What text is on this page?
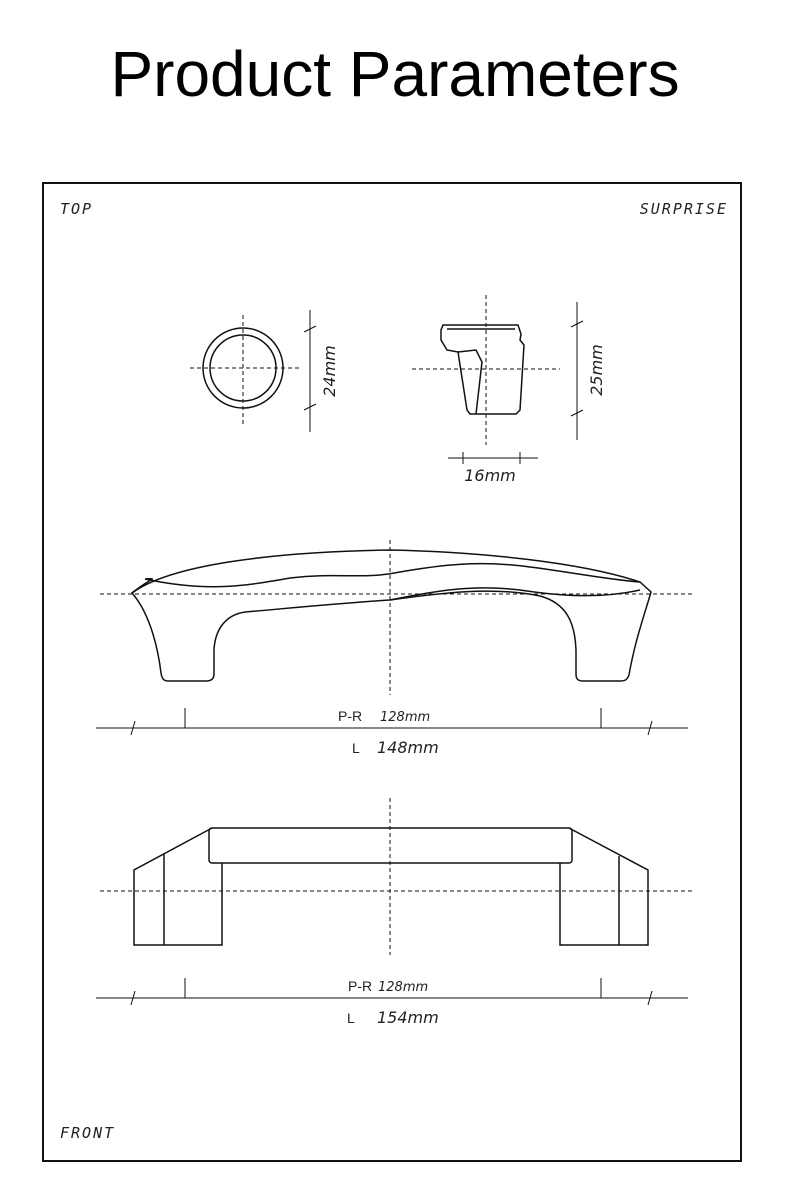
Product Parameters
TOP	SURPRISE
FRONT
24mm	25mm
16mm
P-R 128mm
L 148mm
P-R 128mm
L 154mm
